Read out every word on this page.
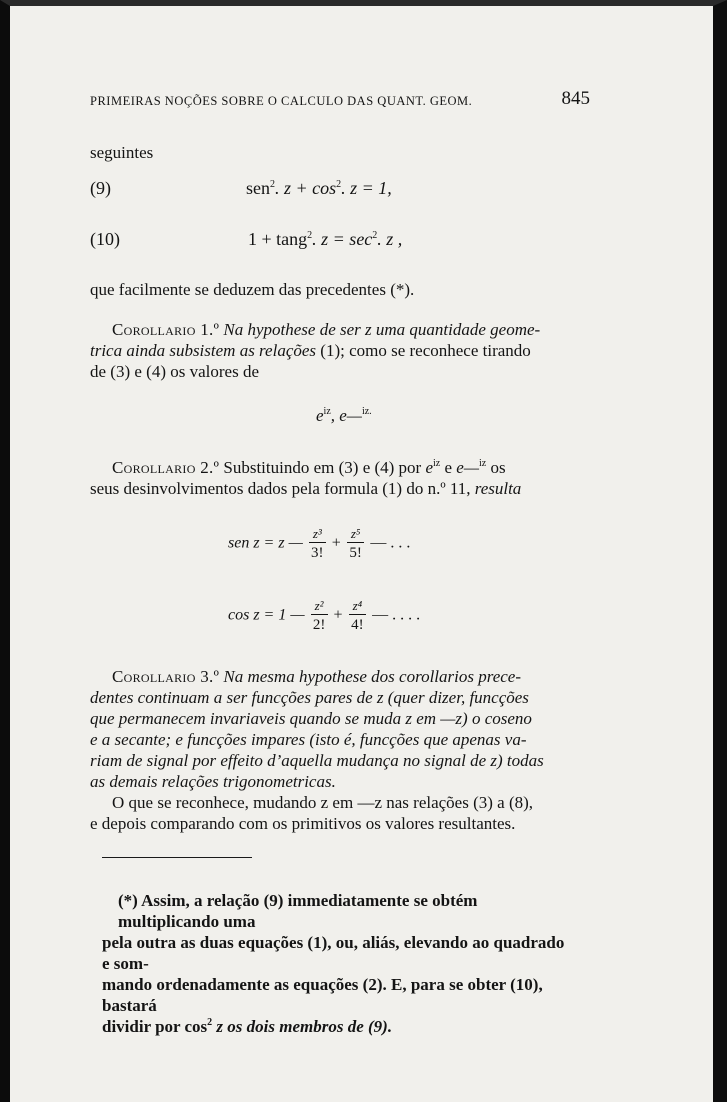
PRIMEIRAS NOÇÕES SOBRE O CALCULO DAS QUANT. GEOM.	845
seguintes
(9)	sen$^2$. $z + \cos^2$. z = 1,
(10)	1 + tang$^2$. $z = \sec^2$. z ,
que facilmente se deduzem das precedentes (*).
Corollario 1.º Na hypothese de ser z uma quantidade geome-
trica ainda subsistem as relações (1); como se reconhece tirando
de (3) e (4) os valores de
$e^{iz}$, e—$^{iz.}$
Corollario 2.º Substituindo em (3) e (4) por $e^{iz}$ e e—$^{iz}$ os
seus desinvolvimentos dados pela formula (1) do n.º 11, resulta
sen z = z — $\frac{\text{z³}}{3!} + \frac{\text{z⁵}}{5!}$ — . . .
cos z = 1 — $\frac{\text{z²}}{2!} + \frac{\text{z⁴}}{4!}$ — . . . .
Corollario 3.º Na mesma hypothese dos corollarios prece-
dentes continuam a ser funcções pares de z (quer dizer, funcções
que permanecem invariaveis quando se muda z em —z) o coseno
e a secante; e funcções impares (isto é, funcções que apenas va-
riam de signal por effeito d’aquella mudança no signal de z) todas
as demais relações trigonometricas.
O que se reconhece, mudando z em —z nas relações (3) a (8),
e depois comparando com os primitivos os valores resultantes.
(*) Assim, a relação (9) immediatamente se obtém multiplicando uma
pela outra as duas equações (1), ou, aliás, elevando ao quadrado e som-
mando ordenadamente as equações (2). E, para se obter (10), bastará
dividir por $\cos^2 z$ os dois membros de (9).
